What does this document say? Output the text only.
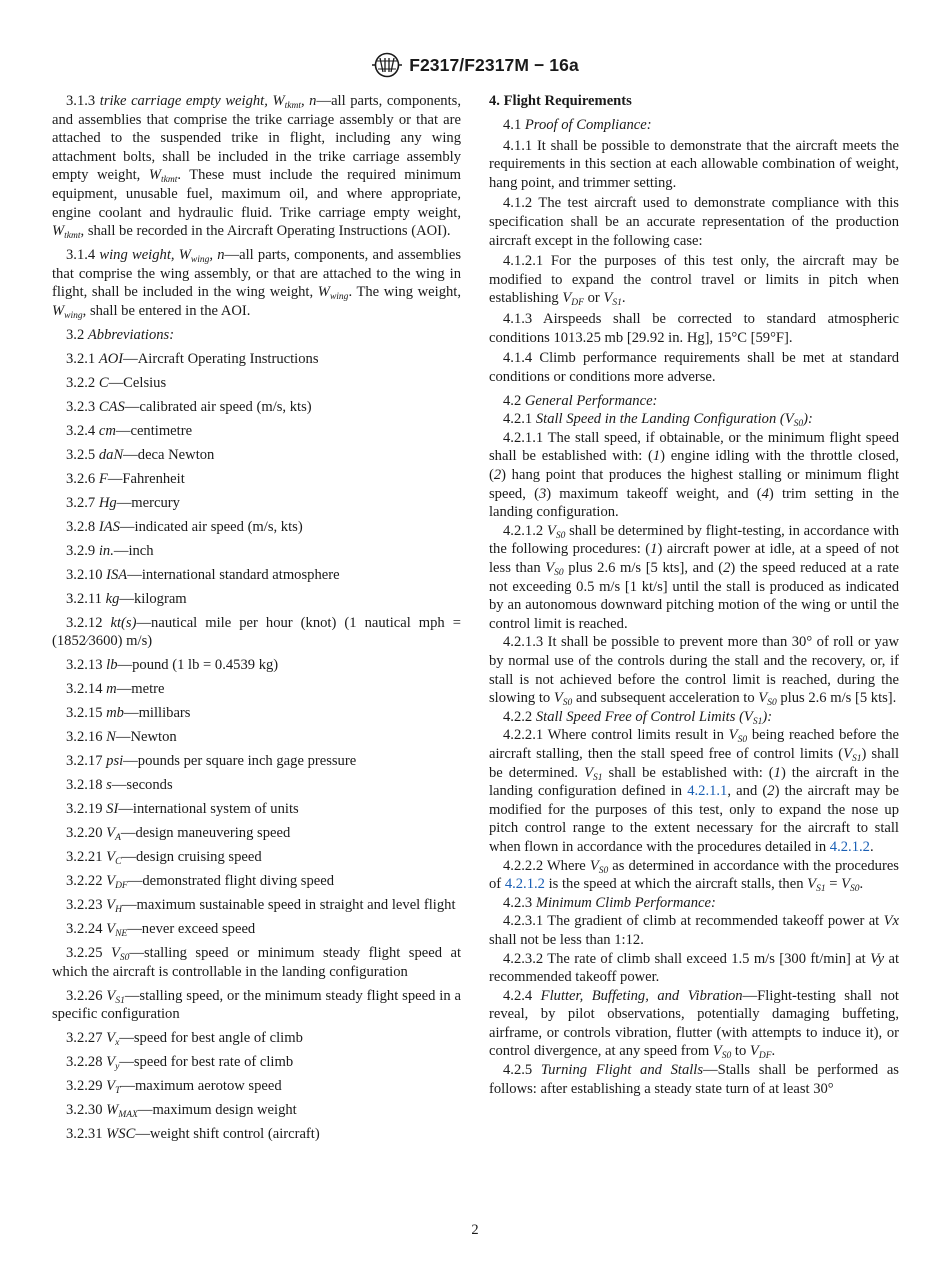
F2317/F2317M − 16a

3.1.3 trike carriage empty weight, $W_{tkmt}$, n—all parts, components, and assemblies that comprise the trike carriage assembly or that are attached to the suspended trike in flight, including any wing attachment bolts, shall be included in the trike carriage assembly empty weight, $W_{tkmt}$. These must include the required minimum equipment, unusable fuel, maximum oil, and where appropriate, engine coolant and hydraulic fluid. Trike carriage empty weight, $W_{tkmt}$, shall be recorded in the Aircraft Operating Instructions (AOI).

3.1.4 wing weight, $W_{wing}$, n—all parts, components, and assemblies that comprise the wing assembly, or that are attached to the wing in flight, shall be included in the wing weight, $W_{wing}$. The wing weight, $W_{wing}$, shall be entered in the AOI.

3.2 Abbreviations:

3.2.1 AOI—Aircraft Operating Instructions

3.2.2 C—Celsius

3.2.3 CAS—calibrated air speed (m/s, kts)

3.2.4 cm—centimetre

3.2.5 daN—deca Newton

3.2.6 F—Fahrenheit

3.2.7 Hg—mercury

3.2.8 IAS—indicated air speed (m/s, kts)

3.2.9 in.—inch

3.2.10 ISA—international standard atmosphere

3.2.11 kg—kilogram

3.2.12 kt(s)—nautical mile per hour (knot) (1 nautical mph = (1852⁄3600) m/s)

3.2.13 lb—pound (1 lb = 0.4539 kg)

3.2.14 m—metre

3.2.15 mb—millibars

3.2.16 N—Newton

3.2.17 psi—pounds per square inch gage pressure

3.2.18 s—seconds

3.2.19 SI—international system of units

3.2.20 $V_A—design$ maneuvering speed

3.2.21 $V_C—design$ cruising speed

3.2.22 $V_{DF}—demonstrated$ flight diving speed

3.2.23 $V_H—maximum$ sustainable speed in straight and level flight

3.2.24 $V_{NE}—never$ exceed speed

3.2.25 $V_{S0}—stalling$ speed or minimum steady flight speed at which the aircraft is controllable in the landing configuration

3.2.26 $V_{S1}—stalling$ speed, or the minimum steady flight speed in a specific configuration

3.2.27 $V_x—speed$ for best angle of climb

3.2.28 $V_y—speed$ for best rate of climb

3.2.29 $V_T—maximum$ aerotow speed

3.2.30 $W_{MAX}—maximum$ design weight

3.2.31 WSC—weight shift control (aircraft)

4. Flight Requirements

4.1 Proof of Compliance:

4.1.1 It shall be possible to demonstrate that the aircraft meets the requirements in this section at each allowable combination of weight, hang point, and trimmer setting.

4.1.2 The test aircraft used to demonstrate compliance with this specification shall be an accurate representation of the production aircraft except in the following case:

4.1.2.1 For the purposes of this test only, the aircraft may be modified to expand the control travel or limits in pitch when establishing $V_{DF}$ or $V_{S1}$.

4.1.3 Airspeeds shall be corrected to standard atmospheric conditions 1013.25 mb [29.92 in. Hg], 15°C [59°F].

4.1.4 Climb performance requirements shall be met at standard conditions or conditions more adverse.

4.2 General Performance:

4.2.1 Stall Speed in the Landing Configuration $(V_{S0})$:

4.2.1.1 The stall speed, if obtainable, or the minimum flight speed shall be established with: (1) engine idling with the throttle closed, (2) hang point that produces the highest stalling or minimum flight speed, (3) maximum takeoff weight, and (4) trim setting in the landing configuration.

4.2.1.2 $V_{S0}$ shall be determined by flight-testing, in accordance with the following procedures: (1) aircraft power at idle, at a speed of not less than $V_{S0}$ plus 2.6 m/s [5 kts], and (2) the speed reduced at a rate not exceeding 0.5 m/s [1 kt/s] until the stall is produced as indicated by an autonomous downward pitching motion of the wing or until the control limit is reached.

4.2.1.3 It shall be possible to prevent more than 30° of roll or yaw by normal use of the controls during the stall and the recovery, or, if stall is not achieved before the control limit is reached, during the slowing to $V_{S0}$ and subsequent acceleration to $V_{S0}$ plus 2.6 m/s [5 kts].

4.2.2 Stall Speed Free of Control Limits $(V_{S1})$:

4.2.2.1 Where control limits result in $V_{S0}$ being reached before the aircraft stalling, then the stall speed free of control limits $(V_{S1})$ shall be determined. $V_{S1}$ shall be established with: (1) the aircraft in the landing configuration defined in 4.2.1.1, and (2) the aircraft may be modified for the purposes of this test, only to expand the nose up pitch control range to the extent necessary for the aircraft to stall when flown in accordance with the procedures detailed in 4.2.1.2.

4.2.2.2 Where $V_{S0}$ as determined in accordance with the procedures of 4.2.1.2 is the speed at which the aircraft stalls, then $V_{S1} = V_{S0}$.

4.2.3 Minimum Climb Performance:

4.2.3.1 The gradient of climb at recommended takeoff power at Vx shall not be less than 1:12.

4.2.3.2 The rate of climb shall exceed 1.5 m/s [300 ft/min] at Vy at recommended takeoff power.

4.2.4 Flutter, Buffeting, and Vibration—Flight-testing shall not reveal, by pilot observations, potentially damaging buffeting, airframe, or controls vibration, flutter (with attempts to induce it), or control divergence, at any speed from $V_{S0}$ to $V_{DF}$.

4.2.5 Turning Flight and Stalls—Stalls shall be performed as follows: after establishing a steady state turn of at least 30°

2
